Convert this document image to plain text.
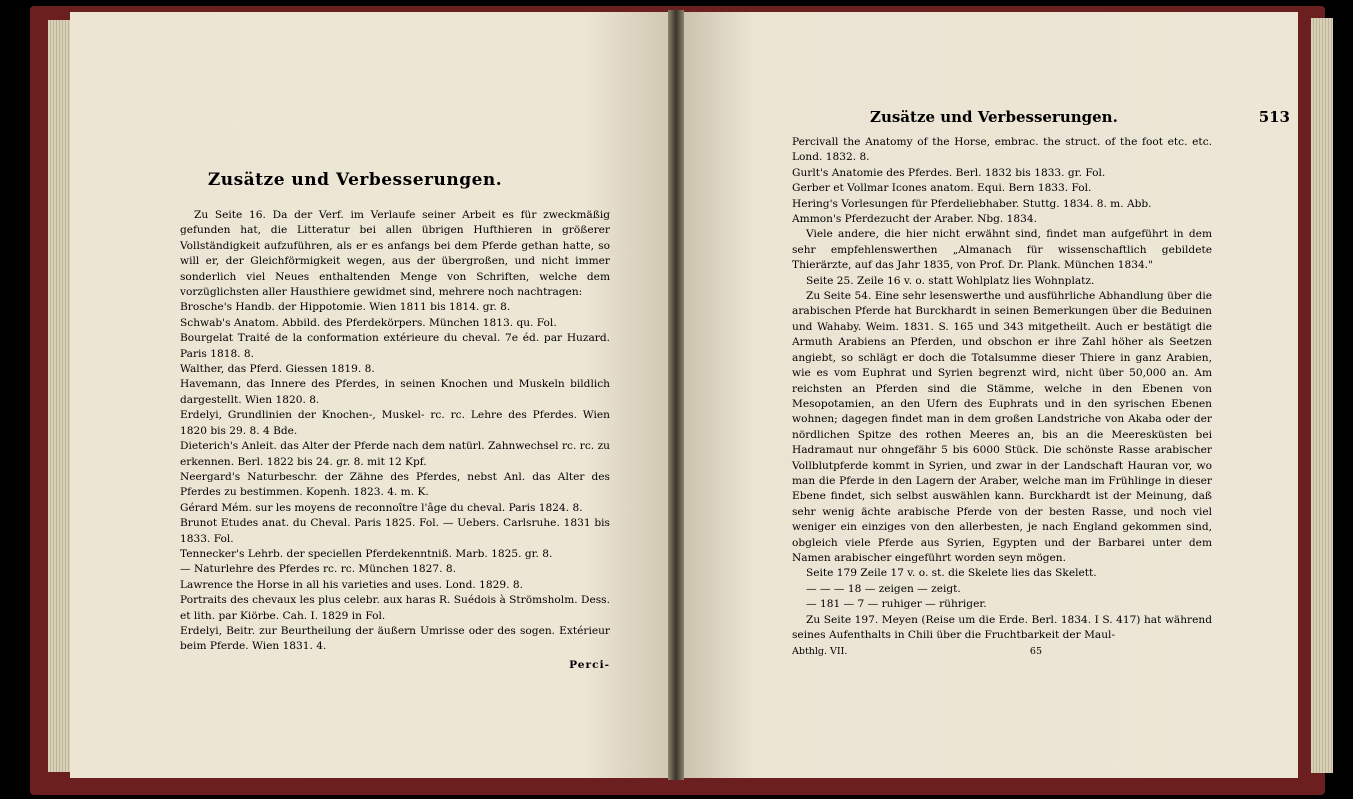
Zusätze und Verbesserungen.

Zu Seite 16. Da der Verf. im Verlaufe seiner Arbeit es für zweckmäßig gefunden hat, die Litteratur bei allen übrigen Hufthieren in größerer Vollständigkeit aufzuführen, als er es anfangs bei dem Pferde gethan hatte, so will er, der Gleichförmigkeit wegen, aus der übergroßen, und nicht immer sonderlich viel Neues enthaltenden Menge von Schriften, welche dem vorzüglichsten aller Hausthiere gewidmet sind, mehrere noch nachtragen:

Brosche's Handb. der Hippotomie. Wien 1811 bis 1814. gr. 8.

Schwab's Anatom. Abbild. des Pferdekörpers. München 1813. qu. Fol.

Bourgelat Traité de la conformation extérieure du cheval. 7e éd. par Huzard. Paris 1818. 8.

Walther, das Pferd. Giessen 1819. 8.

Havemann, das Innere des Pferdes, in seinen Knochen und Muskeln bildlich dargestellt. Wien 1820. 8.

Erdelyi, Grundlinien der Knochen-, Muskel- rc. rc. Lehre des Pferdes. Wien 1820 bis 29. 8. 4 Bde.

Dieterich's Anleit. das Alter der Pferde nach dem natürl. Zahnwechsel rc. rc. zu erkennen. Berl. 1822 bis 24. gr. 8. mit 12 Kpf.

Neergard's Naturbeschr. der Zähne des Pferdes, nebst Anl. das Alter des Pferdes zu bestimmen. Kopenh. 1823. 4. m. K.

Gérard Mém. sur les moyens de reconnoître l'âge du cheval. Paris 1824. 8.

Brunot Etudes anat. du Cheval. Paris 1825. Fol. — Uebers. Carlsruhe. 1831 bis 1833. Fol.

Tennecker's Lehrb. der speciellen Pferdekenntniß. Marb. 1825. gr. 8.

— Naturlehre des Pferdes rc. rc. München 1827. 8.

Lawrence the Horse in all his varieties and uses. Lond. 1829. 8.

Portraits des chevaux les plus celebr. aux haras R. Suédois à Strömsholm. Dess. et lith. par Kiörbe. Cah. I. 1829 in Fol.

Erdelyi, Beitr. zur Beurtheilung der äußern Umrisse oder des sogen. Extérieur beim Pferde. Wien 1831. 4.

Perci-
Zusätze und Verbesserungen.	513

Percivall the Anatomy of the Horse, embrac. the struct. of the foot etc. etc. Lond. 1832. 8.

Gurlt's Anatomie des Pferdes. Berl. 1832 bis 1833. gr. Fol.

Gerber et Vollmar Icones anatom. Equi. Bern 1833. Fol.

Hering's Vorlesungen für Pferdeliebhaber. Stuttg. 1834. 8. m. Abb.

Ammon's Pferdezucht der Araber. Nbg. 1834.

Viele andere, die hier nicht erwähnt sind, findet man aufgeführt in dem sehr empfehlenswerthen „Almanach für wissenschaftlich gebildete Thierärzte, auf das Jahr 1835, von Prof. Dr. Plank. München 1834."

Seite 25. Zeile 16 v. o. statt Wohlplatz lies Wohnplatz.

Zu Seite 54. Eine sehr lesenswerthe und ausführliche Abhandlung über die arabischen Pferde hat Burckhardt in seinen Bemerkungen über die Beduinen und Wahaby. Weim. 1831. S. 165 und 343 mitgetheilt. Auch er bestätigt die Armuth Arabiens an Pferden, und obschon er ihre Zahl höher als Seetzen angiebt, so schlägt er doch die Totalsumme dieser Thiere in ganz Arabien, wie es vom Euphrat und Syrien begrenzt wird, nicht über 50,000 an. Am reichsten an Pferden sind die Stämme, welche in den Ebenen von Mesopotamien, an den Ufern des Euphrats und in den syrischen Ebenen wohnen; dagegen findet man in dem großen Landstriche von Akaba oder der nördlichen Spitze des rothen Meeres an, bis an die Meeresküsten bei Hadramaut nur ohngefähr 5 bis 6000 Stück. Die schönste Rasse arabischer Vollblutpferde kommt in Syrien, und zwar in der Landschaft Hauran vor, wo man die Pferde in den Lagern der Araber, welche man im Frühlinge in dieser Ebene findet, sich selbst auswählen kann. Burckhardt ist der Meinung, daß sehr wenig ächte arabische Pferde von der besten Rasse, und noch viel weniger ein einziges von den allerbesten, je nach England gekommen sind, obgleich viele Pferde aus Syrien, Egypten und der Barbarei unter dem Namen arabischer eingeführt worden seyn mögen.

Seite 179 Zeile 17 v. o. st. die Skelete lies das Skelett.

— — — 18 — zeigen — zeigt.

— 181 — 7 — ruhiger — rühriger.

Zu Seite 197. Meyen (Reise um die Erde. Berl. 1834. I S. 417) hat während seines Aufenthalts in Chili über die Fruchtbarkeit der Maul-

Abthlg. VII.	65
